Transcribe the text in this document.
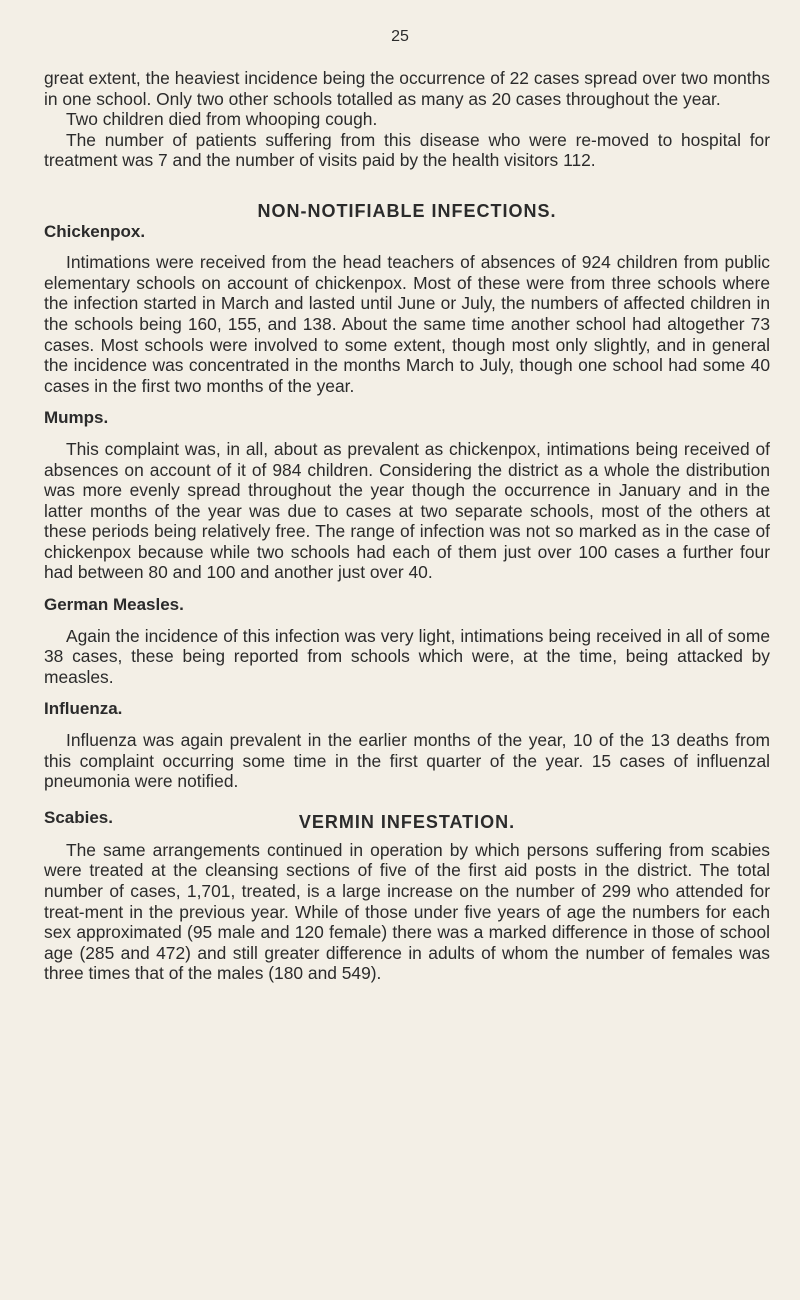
25

great extent, the heaviest incidence being the occurrence of 22 cases spread over two months in one school. Only two other schools totalled as many as 20 cases throughout the year.

Two children died from whooping cough.

The number of patients suffering from this disease who were re-moved to hospital for treatment was 7 and the number of visits paid by the health visitors 112.

NON-NOTIFIABLE INFECTIONS.
Chickenpox.

Intimations were received from the head teachers of absences of 924 children from public elementary schools on account of chickenpox. Most of these were from three schools where the infection started in March and lasted until June or July, the numbers of affected children in the schools being 160, 155, and 138. About the same time another school had altogether 73 cases. Most schools were involved to some extent, though most only slightly, and in general the incidence was concentrated in the months March to July, though one school had some 40 cases in the first two months of the year.

Mumps.

This complaint was, in all, about as prevalent as chickenpox, intimations being received of absences on account of it of 984 children. Considering the district as a whole the distribution was more evenly spread throughout the year though the occurrence in January and in the latter months of the year was due to cases at two separate schools, most of the others at these periods being relatively free. The range of infection was not so marked as in the case of chickenpox because while two schools had each of them just over 100 cases a further four had between 80 and 100 and another just over 40.

German Measles.

Again the incidence of this infection was very light, intimations being received in all of some 38 cases, these being reported from schools which were, at the time, being attacked by measles.

Influenza.

Influenza was again prevalent in the earlier months of the year, 10 of the 13 deaths from this complaint occurring some time in the first quarter of the year. 15 cases of influenzal pneumonia were notified.

Scabies.	VERMIN INFESTATION.

The same arrangements continued in operation by which persons suffering from scabies were treated at the cleansing sections of five of the first aid posts in the district. The total number of cases, 1,701, treated, is a large increase on the number of 299 who attended for treat-ment in the previous year. While of those under five years of age the numbers for each sex approximated (95 male and 120 female) there was a marked difference in those of school age (285 and 472) and still greater difference in adults of whom the number of females was three times that of the males (180 and 549).
